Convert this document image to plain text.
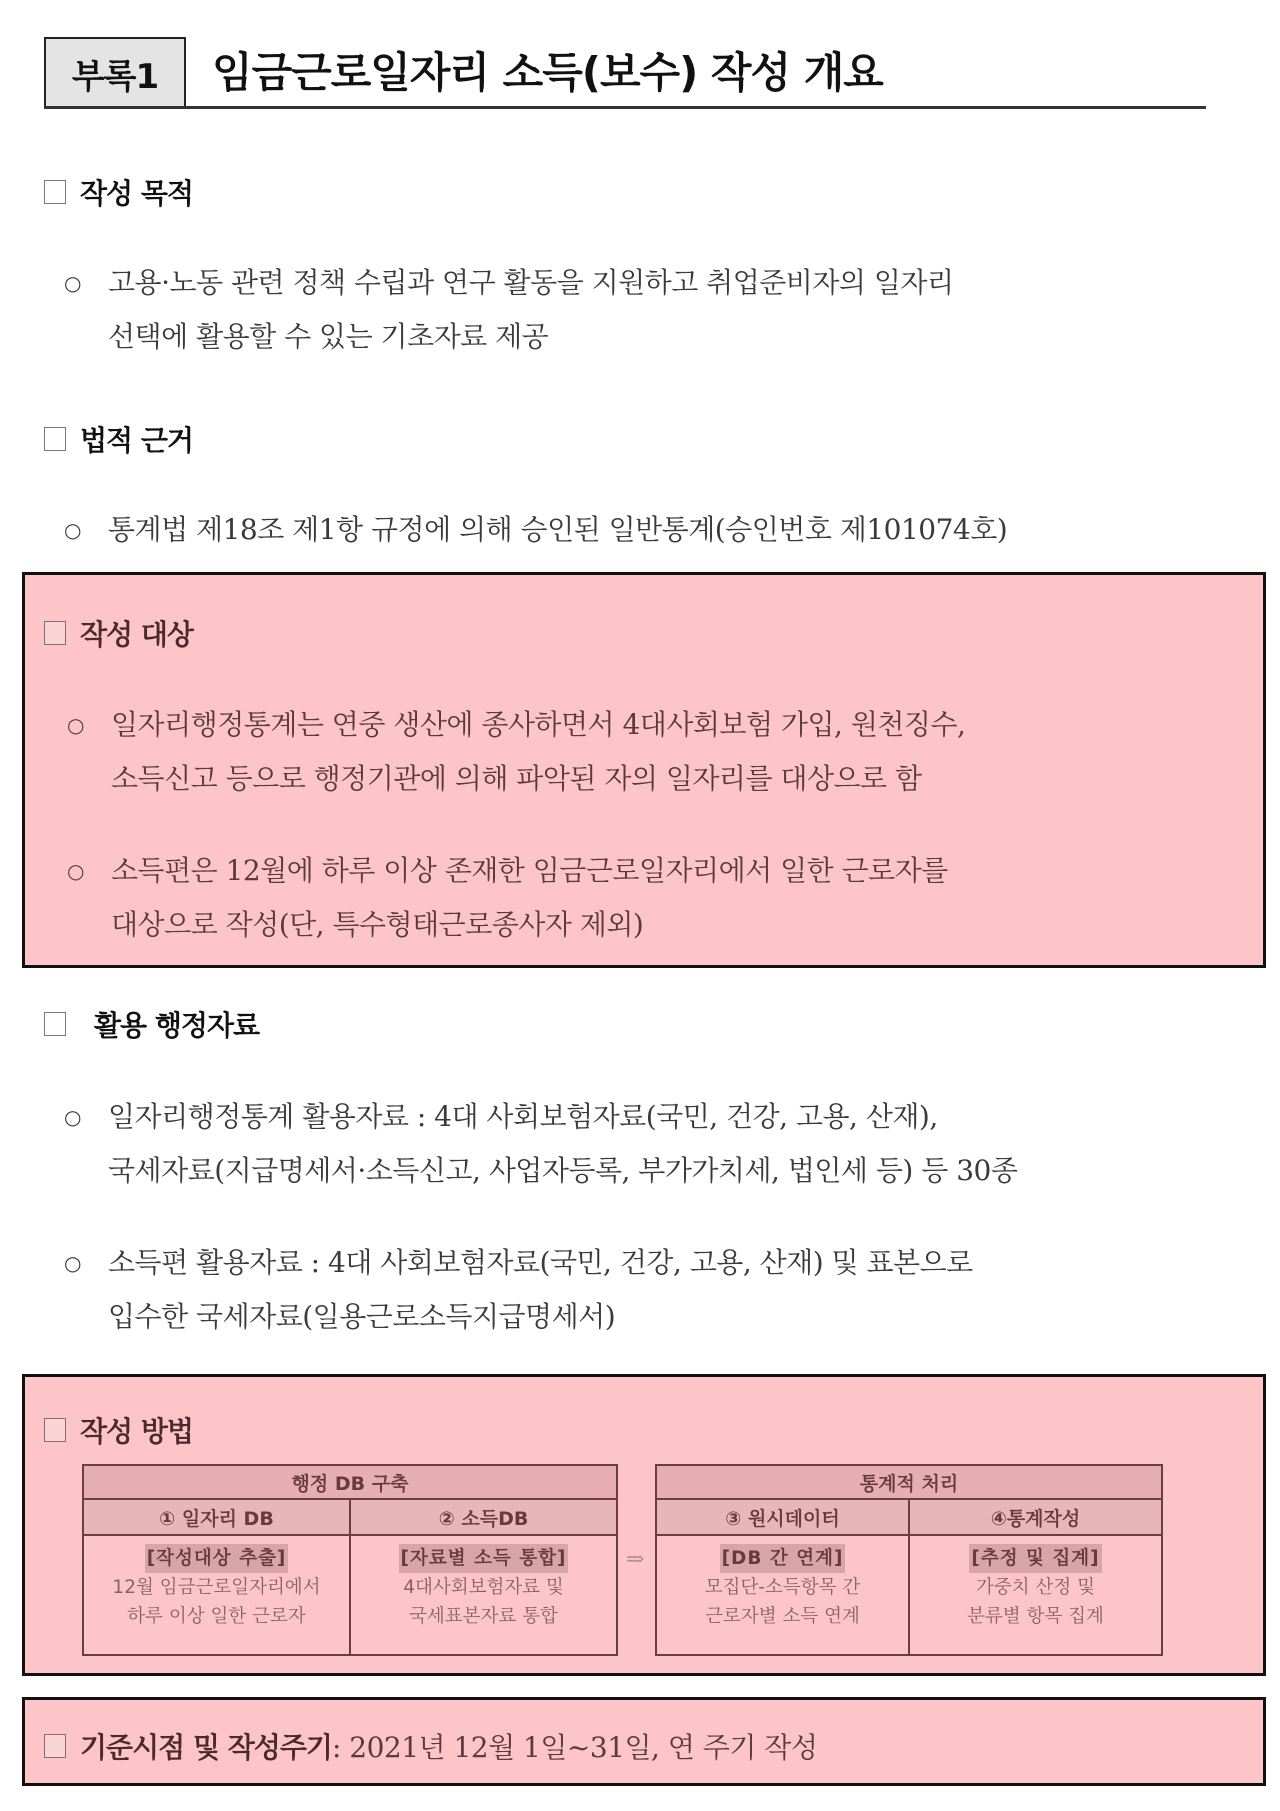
부록1	임금근로일자리 소득(보수) 작성 개요
작성 목적
○ 고용·노동 관련 정책 수립과 연구 활동을 지원하고 취업준비자의 일자리
선택에 활용할 수 있는 기초자료 제공
법적 근거
○ 통계법 제18조 제1항 규정에 의해 승인된 일반통계(승인번호 제101074호)
작성 대상
○ 일자리행정통계는 연중 생산에 종사하면서 4대사회보험 가입, 원천징수,
소득신고 등으로 행정기관에 의해 파악된 자의 일자리를 대상으로 함
○ 소득편은 12월에 하루 이상 존재한 임금근로일자리에서 일한 근로자를
대상으로 작성(단, 특수형태근로종사자 제외)
활용 행정자료
○ 일자리행정통계 활용자료 : 4대 사회보험자료(국민, 건강, 고용, 산재),
국세자료(지급명세서·소득신고, 사업자등록, 부가가치세, 법인세 등) 등 30종
○ 소득편 활용자료 : 4대 사회보험자료(국민, 건강, 고용, 산재) 및 표본으로
입수한 국세자료(일용근로소득지급명세서)
작성 방법
행정 DB 구축
① 일자리 DB
[작성대상 추출]
12월 임금근로일자리에서
하루 이상 일한 근로자
② 소득DB
[자료별 소득 통합]
4대사회보험자료 및
국세표본자료 통합
⇒
통계적 처리
③ 원시데이터
[DB 간 연계]
모집단-소득항목 간
근로자별 소득 연계
④통계작성
[추정 및 집계]
가중치 산정 및
분류별 항목 집계
기준시점 및 작성주기 : 2021년 12월 1일~31일, 연 주기 작성
